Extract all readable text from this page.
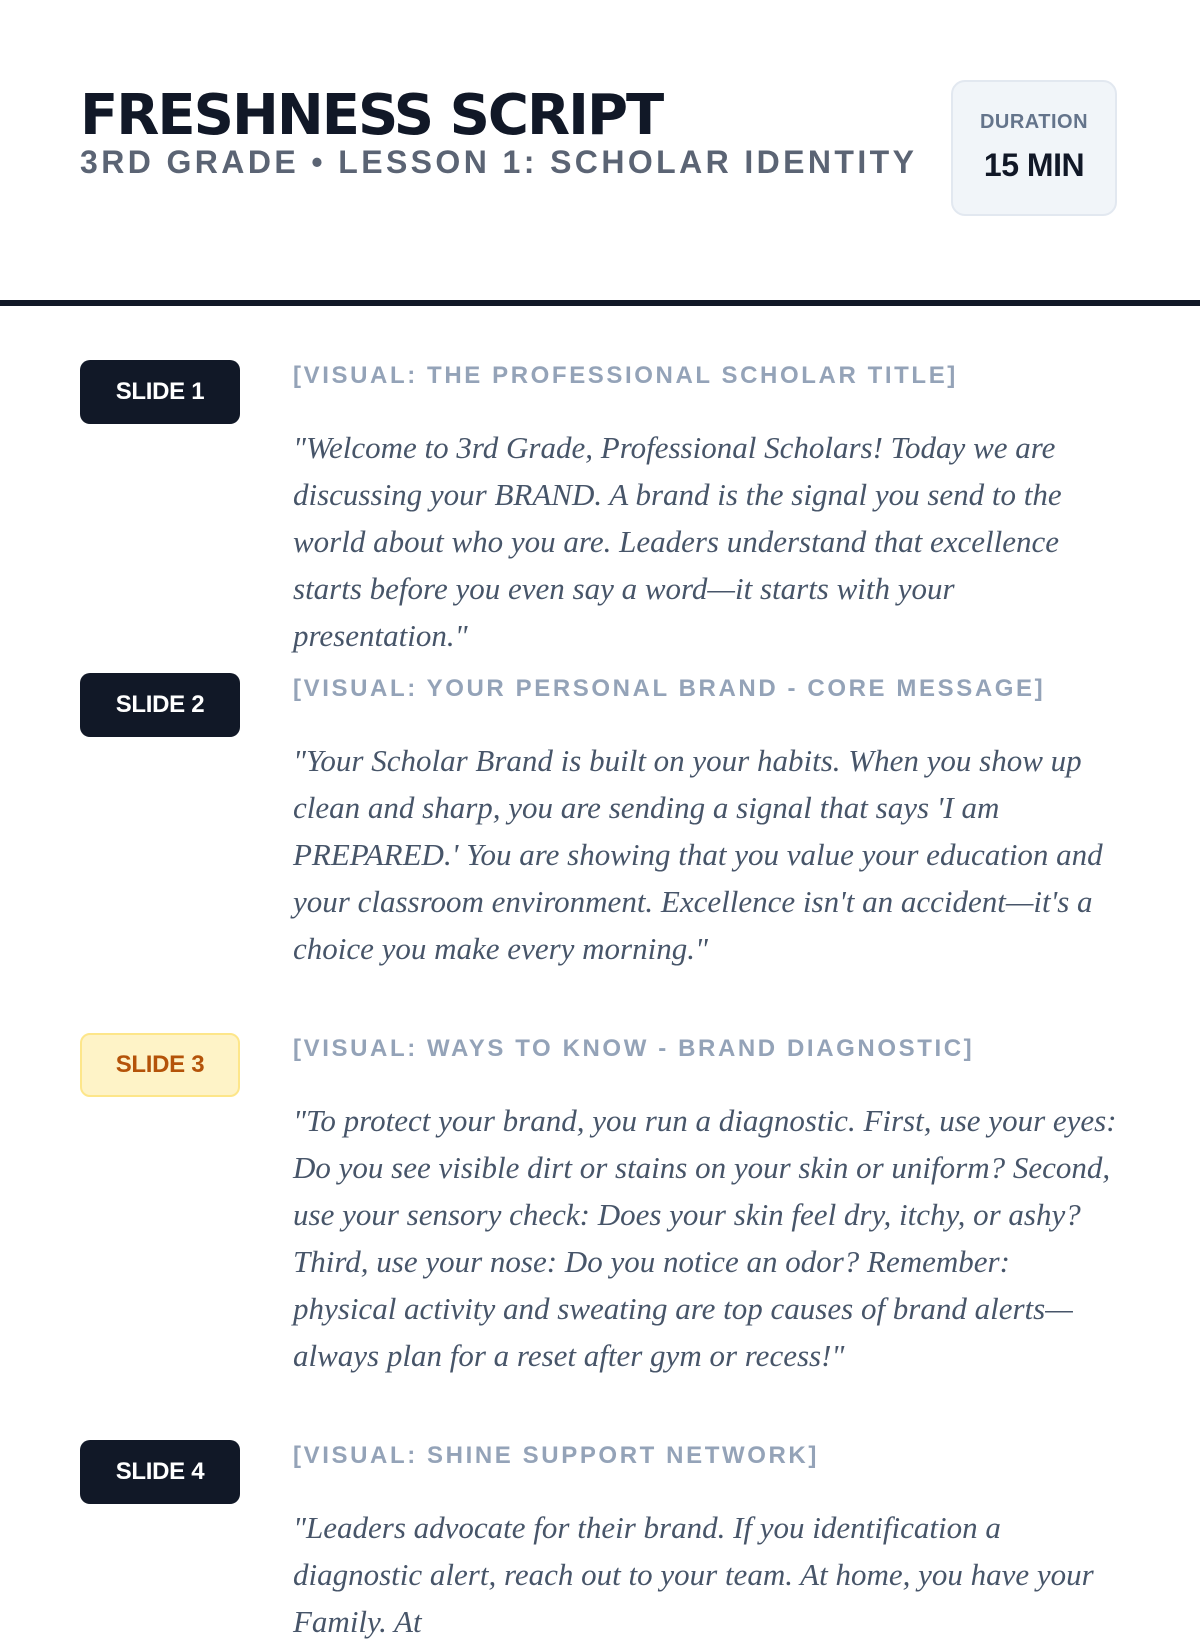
FRESHNESS SCRIPT
3RD GRADE • LESSON 1: SCHOLAR IDENTITY
DURATION
15 MIN
SLIDE 1
[VISUAL: THE PROFESSIONAL SCHOLAR TITLE]

"Welcome to 3rd Grade, Professional Scholars! Today we are discussing your BRAND. A brand is the signal you send to the world about who you are. Leaders understand that excellence starts before you even say a word—it starts with your presentation."

SLIDE 2
[VISUAL: YOUR PERSONAL BRAND - CORE MESSAGE]

"Your Scholar Brand is built on your habits. When you show up clean and sharp, you are sending a signal that says 'I am PREPARED.' You are showing that you value your education and your classroom environment. Excellence isn't an accident—it's a choice you make every morning."

SLIDE 3
[VISUAL: WAYS TO KNOW - BRAND DIAGNOSTIC]

"To protect your brand, you run a diagnostic. First, use your eyes: Do you see visible dirt or stains on your skin or uniform? Second, use your sensory check: Does your skin feel dry, itchy, or ashy? Third, use your nose: Do you notice an odor? Remember: physical activity and sweating are top causes of brand alerts—always plan for a reset after gym or recess!"

SLIDE 4
[VISUAL: SHINE SUPPORT NETWORK]

"Leaders advocate for their brand. If you identification a diagnostic alert, reach out to your team. At home, you have your Family. At
